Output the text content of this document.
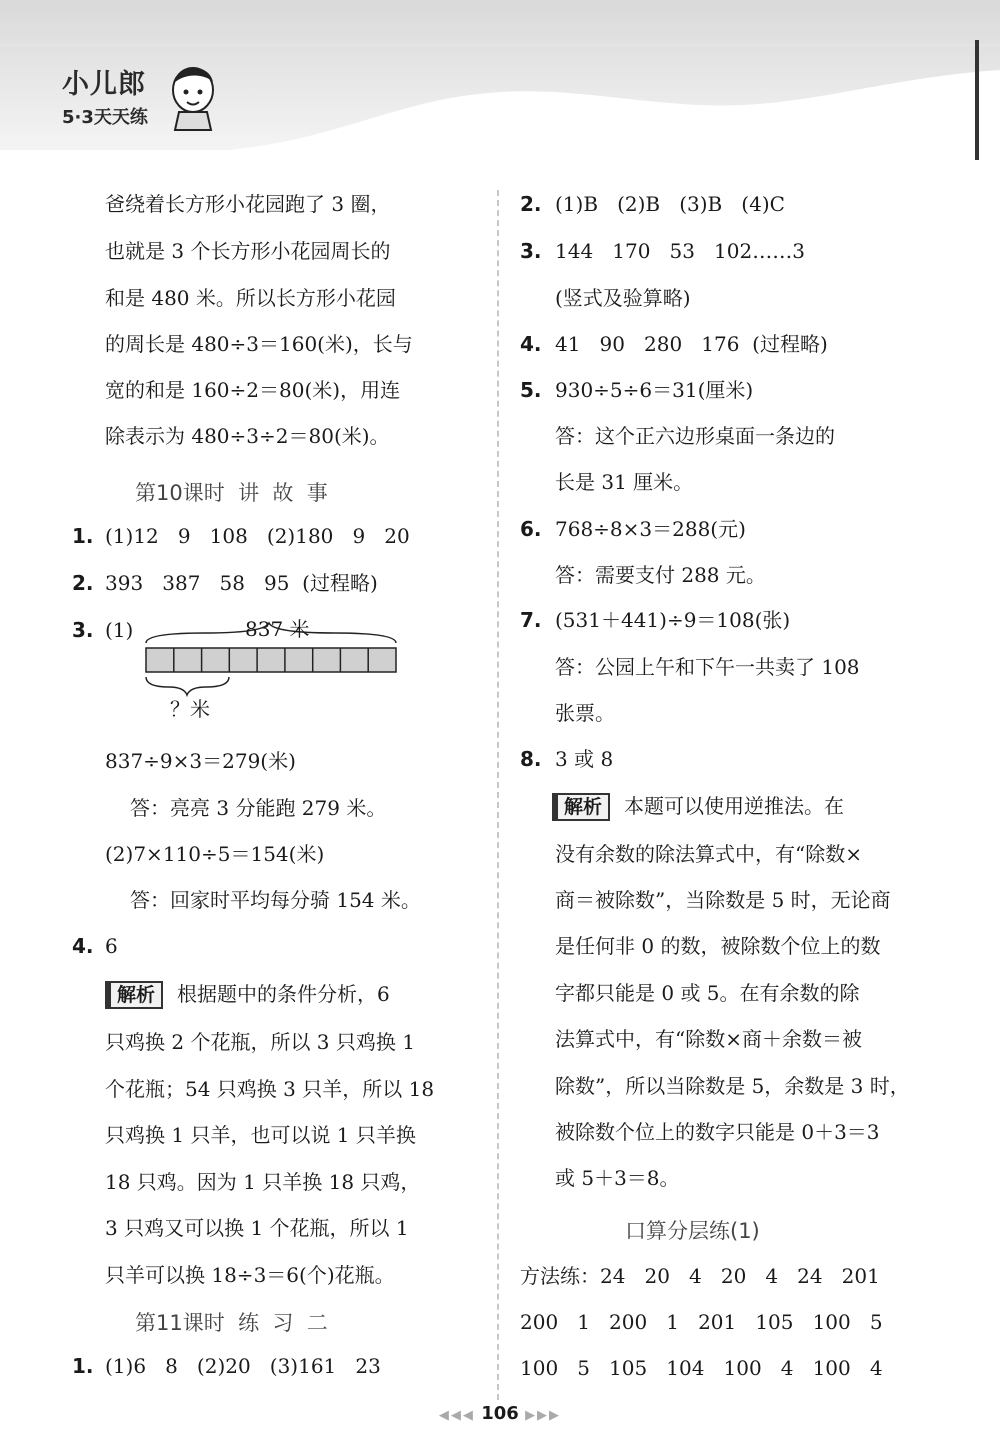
小儿郎
5·3天天练
爸绕着长方形小花园跑了 3 圈，
也就是 3 个长方形小花园周长的
和是 480 米。所以长方形小花园
的周长是 480÷3＝160(米)，长与
宽的和是 160÷2＝80(米)，用连
除表示为 480÷3÷2＝80(米)。
第10课时  讲  故  事
1. (1)12   9   108   (2)180   9   20
2. 393   387   58   95  (过程略)
3. (1)	837 米
？米
837÷9×3＝279(米)
答：亮亮 3 分能跑 279 米。
(2)7×110÷5＝154(米)
答：回家时平均每分骑 154 米。
4. 6
解析 根据题中的条件分析，6
只鸡换 2 个花瓶，所以 3 只鸡换 1
个花瓶；54 只鸡换 3 只羊，所以 18
只鸡换 1 只羊，也可以说 1 只羊换
18 只鸡。因为 1 只羊换 18 只鸡，
3 只鸡又可以换 1 个花瓶，所以 1
只羊可以换 18÷3＝6(个)花瓶。
第11课时  练  习  二
1. (1)6   8   (2)20   (3)161   23
2. (1)B   (2)B   (3)B   (4)C
3. 144   170   53   102……3
(竖式及验算略)
4. 41   90   280   176  (过程略)
5. 930÷5÷6＝31(厘米)
答：这个正六边形桌面一条边的
长是 31 厘米。
6. 768÷8×3＝288(元)
答：需要支付 288 元。
7. (531＋441)÷9＝108(张)
答：公园上午和下午一共卖了 108
张票。
8. 3 或 8
解析 本题可以使用逆推法。在
没有余数的除法算式中，有“除数×
商＝被除数”，当除数是 5 时，无论商
是任何非 0 的数，被除数个位上的数
字都只能是 0 或 5。在有余数的除
法算式中，有“除数×商＋余数＝被
除数”，所以当除数是 5，余数是 3 时，
被除数个位上的数字只能是 0＋3＝3
或 5＋3＝8。
口算分层练(1)
方法练：24   20   4   20   4   24   201
200   1   200   1   201   105   100   5
100   5   105   104   100   4   100   4
◀◀◀ 106 ▶▶▶
